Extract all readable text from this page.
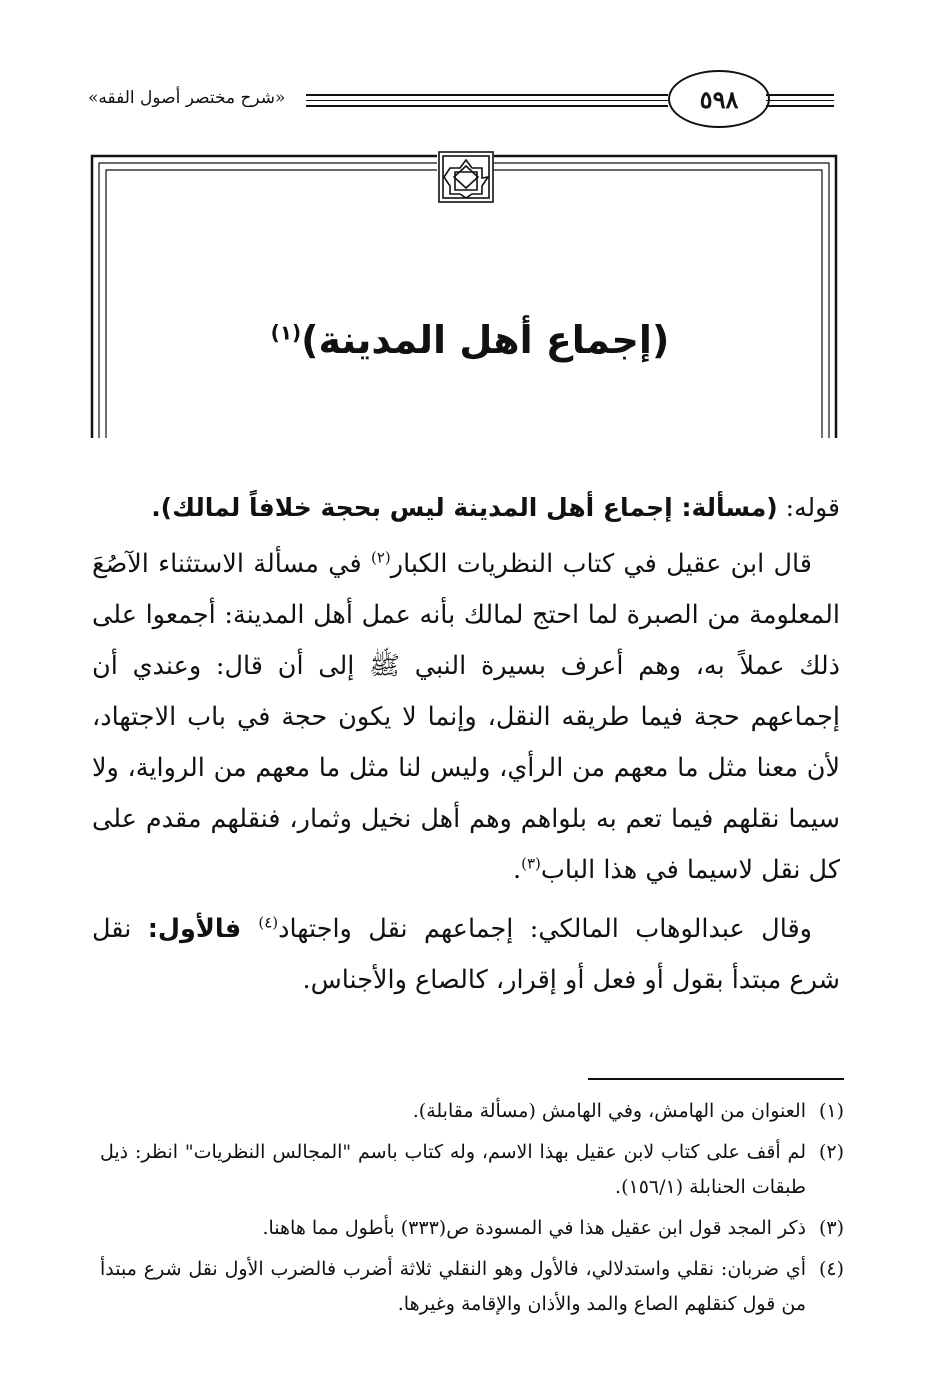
«شرح مختصر أصول الفقه»	٥٩٨
(إجماع أهل المدينة)$^{(١)}$

قوله: (مسألة: إجماع أهل المدينة ليس بحجة خلافاً لمالك).

قال ابن عقيل في كتاب النظريات الكبار$^{(٢)}$ في مسألة الاستثناء الآصُعَ المعلومة من الصبرة لما احتج لمالك بأنه عمل أهل المدينة: أجمعوا على ذلك عملاً به، وهم أعرف بسيرة النبي ﷺ إلى أن قال: وعندي أن إجماعهم حجة فيما طريقه النقل، وإنما لا يكون حجة في باب الاجتهاد، لأن معنا مثل ما معهم من الرأي، وليس لنا مثل ما معهم من الرواية، ولا سيما نقلهم فيما تعم به بلواهم وهم أهل نخيل وثمار، فنقلهم مقدم على كل نقل لاسيما في هذا الباب$^{(٣)}$.

وقال عبدالوهاب المالكي: إجماعهم نقل واجتهاد$^{(٤)}$ فالأول: نقل شرع مبتدأ بقول أو فعل أو إقرار، كالصاع والأجناس.

(١)
العنوان من الهامش، وفي الهامش (مسألة مقابلة).

(٢)
لم أقف على كتاب لابن عقيل بهذا الاسم، وله كتاب باسم "المجالس النظريات" انظر: ذيل طبقات الحنابلة (١٥٦/١).

(٣)
ذكر المجد قول ابن عقيل هذا في المسودة ص(٣٣٣) بأطول مما هاهنا.

(٤)
أي ضربان: نقلي واستدلالي، فالأول وهو النقلي ثلاثة أضرب فالضرب الأول نقل شرع مبتدأ من قول كنقلهم الصاع والمد والأذان والإقامة وغيرها.
